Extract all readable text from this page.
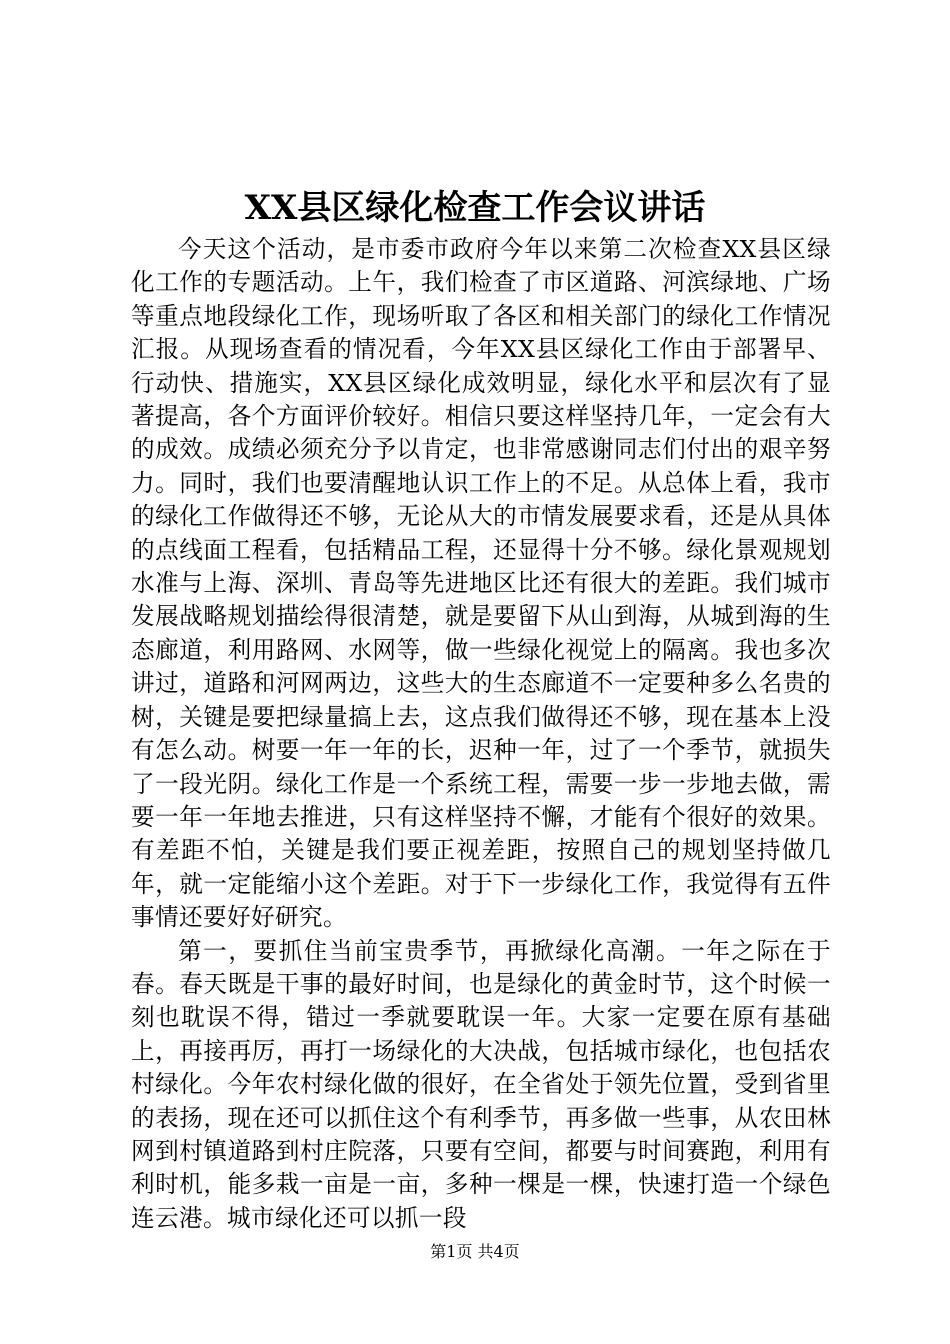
XX县区绿化检查工作会议讲话

今天这个活动，是市委市政府今年以来第二次检查XX县区绿化工作的专题活动。上午，我们检查了市区道路、河滨绿地、广场等重点地段绿化工作，现场听取了各区和相关部门的绿化工作情况汇报。从现场查看的情况看，今年XX县区绿化工作由于部署早、行动快、措施实，XX县区绿化成效明显，绿化水平和层次有了显著提高，各个方面评价较好。相信只要这样坚持几年，一定会有大的成效。成绩必须充分予以肯定，也非常感谢同志们付出的艰辛努力。同时，我们也要清醒地认识工作上的不足。从总体上看，我市的绿化工作做得还不够，无论从大的市情发展要求看，还是从具体的点线面工程看，包括精品工程，还显得十分不够。绿化景观规划水准与上海、深圳、青岛等先进地区比还有很大的差距。我们城市发展战略规划描绘得很清楚，就是要留下从山到海，从城到海的生态廊道，利用路网、水网等，做一些绿化视觉上的隔离。我也多次讲过，道路和河网两边，这些大的生态廊道不一定要种多么名贵的树，关键是要把绿量搞上去，这点我们做得还不够，现在基本上没有怎么动。树要一年一年的长，迟种一年，过了一个季节，就损失了一段光阴。绿化工作是一个系统工程，需要一步一步地去做，需要一年一年地去推进，只有这样坚持不懈，才能有个很好的效果。有差距不怕，关键是我们要正视差距，按照自己的规划坚持做几年，就一定能缩小这个差距。对于下一步绿化工作，我觉得有五件事情还要好好研究。

第一，要抓住当前宝贵季节，再掀绿化高潮。一年之际在于春。春天既是干事的最好时间，也是绿化的黄金时节，这个时候一刻也耽误不得，错过一季就要耽误一年。大家一定要在原有基础上，再接再厉，再打一场绿化的大决战，包括城市绿化，也包括农村绿化。今年农村绿化做的很好，在全省处于领先位置，受到省里的表扬，现在还可以抓住这个有利季节，再多做一些事，从农田林网到村镇道路到村庄院落，只要有空间，都要与时间赛跑，利用有利时机，能多栽一亩是一亩，多种一棵是一棵，快速打造一个绿色连云港。城市绿化还可以抓一段

第1页 共4页
